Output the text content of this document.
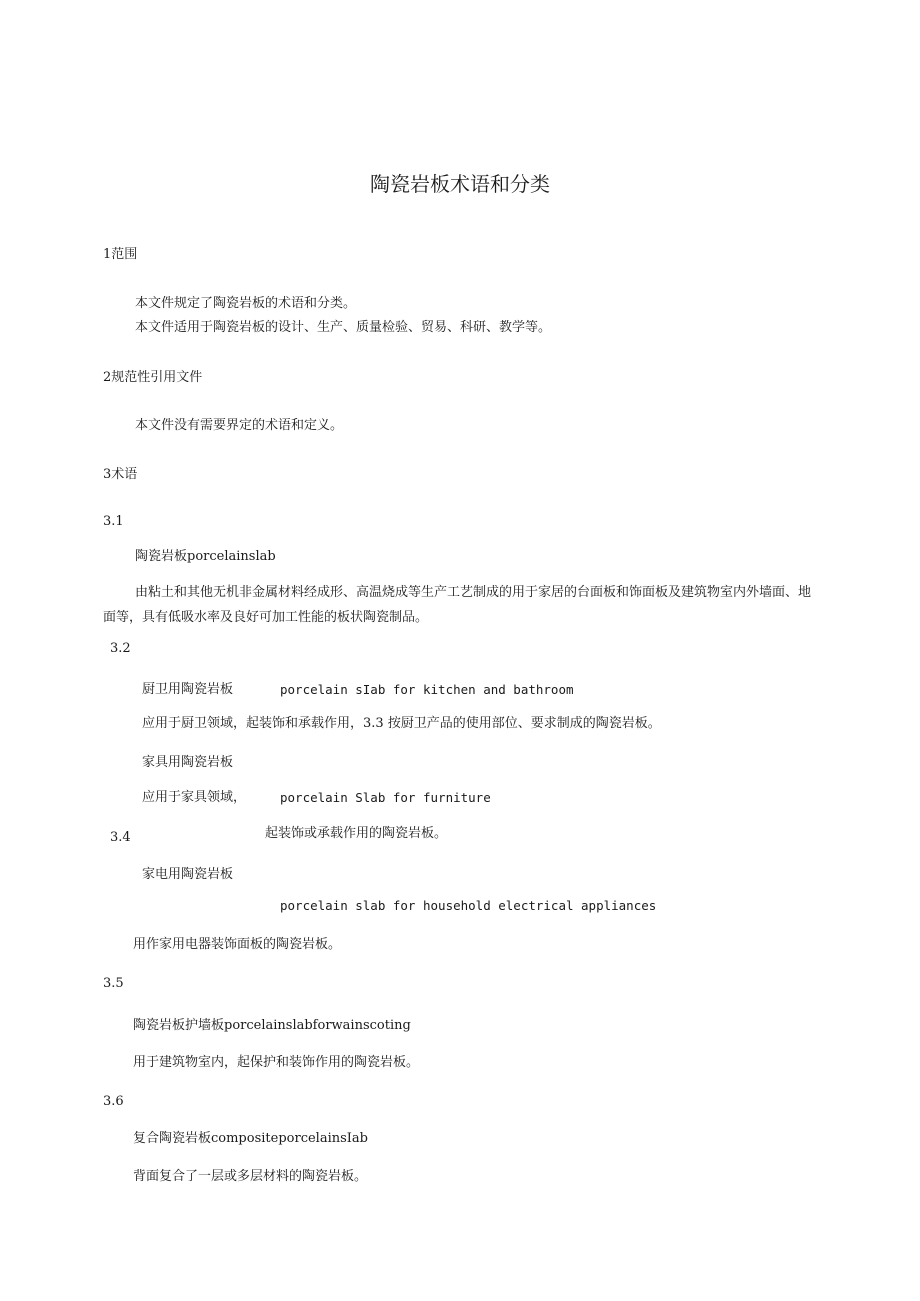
陶瓷岩板术语和分类
1范围
本文件规定了陶瓷岩板的术语和分类。
本文件适用于陶瓷岩板的设计、生产、质量检验、贸易、科研、教学等。
2规范性引用文件
本文件没有需要界定的术语和定义。
3术语
3.1
陶瓷岩板porcelainslab
由粘土和其他无机非金属材料经成形、高温烧成等生产工艺制成的用于家居的台面板和饰面板及建筑物室内外墙面、地面等，具有低吸水率及良好可加工性能的板状陶瓷制品。
3.2
厨卫用陶瓷岩板	porcelain sIab for kitchen and bathroom
应用于厨卫领域，起装饰和承载作用，3.3 按厨卫产品的使用部位、要求制成的陶瓷岩板。
家具用陶瓷岩板
应用于家具领域，	porcelain Slab for furniture
3.4	起装饰或承载作用的陶瓷岩板。
家电用陶瓷岩板
porcelain slab for household electrical appliances
用作家用电器装饰面板的陶瓷岩板。
3.5
陶瓷岩板护墙板porcelainslabforwainscoting
用于建筑物室内，起保护和装饰作用的陶瓷岩板。
3.6
复合陶瓷岩板compositeporcelainsIab
背面复合了一层或多层材料的陶瓷岩板。
